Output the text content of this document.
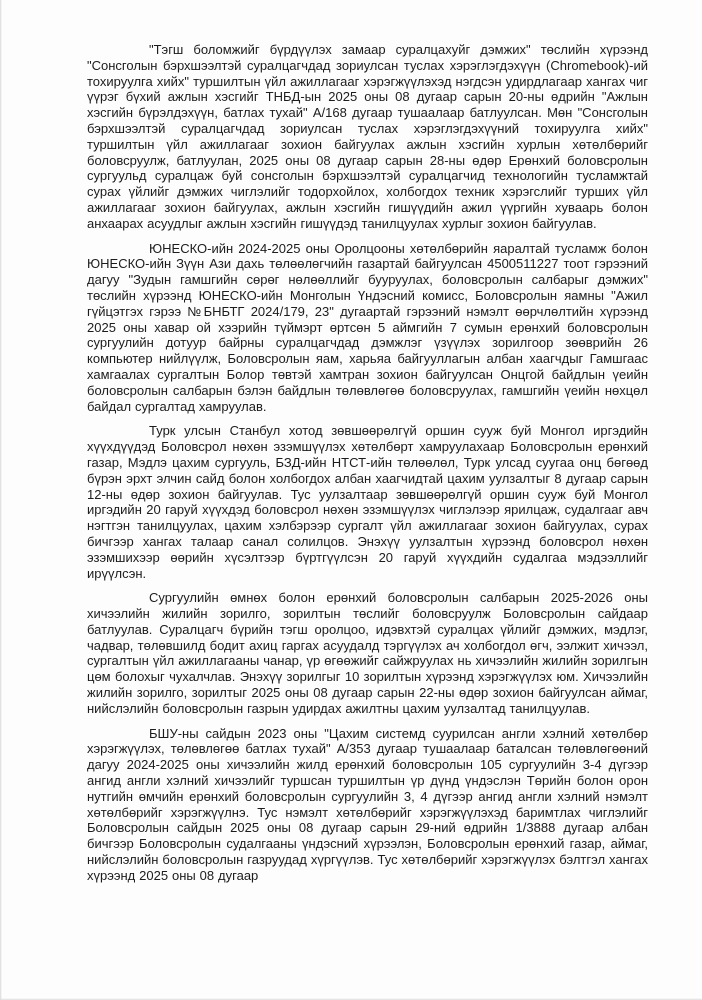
"Тэгш боломжийг бүрдүүлэх замаар суралцахуйг дэмжих" төслийн хүрээнд "Сонсголын бэрхшээлтэй суралцагчдад зориулсан туслах хэрэглэгдэхүүн (Chromebook)-ий тохируулга хийх" туршилтын үйл ажиллагааг хэрэгжүүлэхэд нэгдсэн удирдлагаар хангах чиг үүрэг бүхий ажлын хэсгийг ТНБД-ын 2025 оны 08 дугаар сарын 20-ны өдрийн "Ажлын хэсгийн бүрэлдэхүүн, батлах тухай" А/168 дугаар тушаалаар батлуулсан. Мөн "Сонсголын бэрхшээлтэй суралцагчдад зориулсан туслах хэрэглэгдэхүүний тохируулга хийх" туршилтын үйл ажиллагааг зохион байгуулах ажлын хэсгийн хурлын хөтөлбөрийг боловсруулж, батлуулан, 2025 оны 08 дугаар сарын 28-ны өдөр Ерөнхий боловсролын сургуульд суралцаж буй сонсголын бэрхшээлтэй суралцагчид технологийн тусламжтай сурах үйлийг дэмжих чиглэлийг тодорхойлох, холбогдох техник хэрэгслийг турших үйл ажиллагааг зохион байгуулах, ажлын хэсгийн гишүүдийн ажил үүргийн хуваарь болон анхаарах асуудлыг ажлын хэсгийн гишүүдэд танилцуулах хурлыг зохион байгуулав.

ЮНЕСКО-ийн 2024-2025 оны Оролцооны хөтөлбөрийн яаралтай тусламж болон ЮНЕСКО-ийн Зүүн Ази дахь төлөөлөгчийн газартай байгуулсан 4500511227 тоот гэрээний дагуу "Зудын гамшгийн сөрөг нөлөөллийг бууруулах, боловсролын салбарыг дэмжих" төслийн хүрээнд ЮНЕСКО-ийн Монголын Үндэсний комисс, Боловсролын яамны "Ажил гүйцэтгэх гэрээ №БНБТГ 2024/179, 23" дугаартай гэрээний нэмэлт өөрчлөлтийн хүрээнд 2025 оны хавар ой хээрийн түймэрт өртсөн 5 аймгийн 7 сумын ерөнхий боловсролын сургуулийн дотуур байрны суралцагчдад дэмжлэг үзүүлэх зорилгоор зөөврийн 26 компьютер нийлүүлж, Боловсролын яам, харьяа байгууллагын албан хаагчдыг Гамшгаас хамгаалах сургалтын Болор төвтэй хамтран зохион байгуулсан Онцгой байдлын үеийн боловсролын салбарын бэлэн байдлын төлөвлөгөө боловсруулах, гамшгийн үеийн нөхцөл байдал сургалтад хамруулав.

Турк улсын Станбул хотод зөвшөөрөлгүй оршин сууж буй Монгол иргэдийн хүүхдүүдэд Боловсрол нөхөн эзэмшүүлэх хөтөлбөрт хамруулахаар Боловсролын ерөнхий газар, Мэдлэ цахим сургууль, БЗД-ийн НТСТ-ийн төлөөлөл, Турк улсад суугаа онц бөгөөд бүрэн эрхт элчин сайд болон холбогдох албан хаагчидтай цахим уулзалтыг 8 дугаар сарын 12-ны өдөр зохион байгуулав. Тус уулзалтаар зөвшөөрөлгүй оршин сууж буй Монгол иргэдийн 20 гаруй хүүхдэд боловсрол нөхөн эзэмшүүлэх чиглэлээр ярилцаж, судалгааг авч нэгтгэн танилцуулах, цахим хэлбэрээр сургалт үйл ажиллагааг зохион байгуулах, сурах бичгээр хангах талаар санал солилцов. Энэхүү уулзалтын хүрээнд боловсрол нөхөн эзэмшихээр өөрийн хүсэлтээр бүртгүүлсэн 20 гаруй хүүхдийн судалгаа мэдээллийг ирүүлсэн.

Сургуулийн өмнөх болон ерөнхий боловсролын салбарын 2025-2026 оны хичээлийн жилийн зорилго, зорилтын төслийг боловсруулж Боловсролын сайдаар батлуулав. Суралцагч бүрийн тэгш оролцоо, идэвхтэй суралцах үйлийг дэмжих, мэдлэг, чадвар, төлөвшилд бодит ахиц гаргах асуудалд тэргүүлэх ач холбогдол өгч, ээлжит хичээл, сургалтын үйл ажиллагааны чанар, үр өгөөжийг сайжруулах нь хичээлийн жилийн зорилгын цөм болохыг чухалчлав. Энэхүү зорилгыг 10 зорилтын хүрээнд хэрэгжүүлэх юм. Хичээлийн жилийн зорилго, зорилтыг 2025 оны 08 дугаар сарын 22-ны өдөр зохион байгуулсан аймаг, нийслэлийн боловсролын газрын удирдах ажилтны цахим уулзалтад танилцуулав.

БШУ-ны сайдын 2023 оны "Цахим системд суурилсан англи хэлний хөтөлбөр хэрэгжүүлэх, төлөвлөгөө батлах тухай" А/353 дугаар тушаалаар баталсан төлөвлөгөөний дагуу 2024-2025 оны хичээлийн жилд ерөнхий боловсролын 105 сургуулийн 3-4 дүгээр ангид англи хэлний хичээлийг туршсан туршилтын үр дүнд үндэслэн Төрийн болон орон нутгийн өмчийн ерөнхий боловсролын сургуулийн 3, 4 дүгээр ангид англи хэлний нэмэлт хөтөлбөрийг хэрэгжүүлнэ. Тус нэмэлт хөтөлбөрийг хэрэгжүүлэхэд баримтлах чиглэлийг Боловсролын сайдын 2025 оны 08 дугаар сарын 29-ний өдрийн 1/3888 дугаар албан бичгээр Боловсролын судалгааны үндэсний хүрээлэн, Боловсролын ерөнхий газар, аймаг, нийслэлийн боловсролын газруудад хүргүүлэв. Тус хөтөлбөрийг хэрэгжүүлэх бэлтгэл хангах хүрээнд 2025 оны 08 дугаар
